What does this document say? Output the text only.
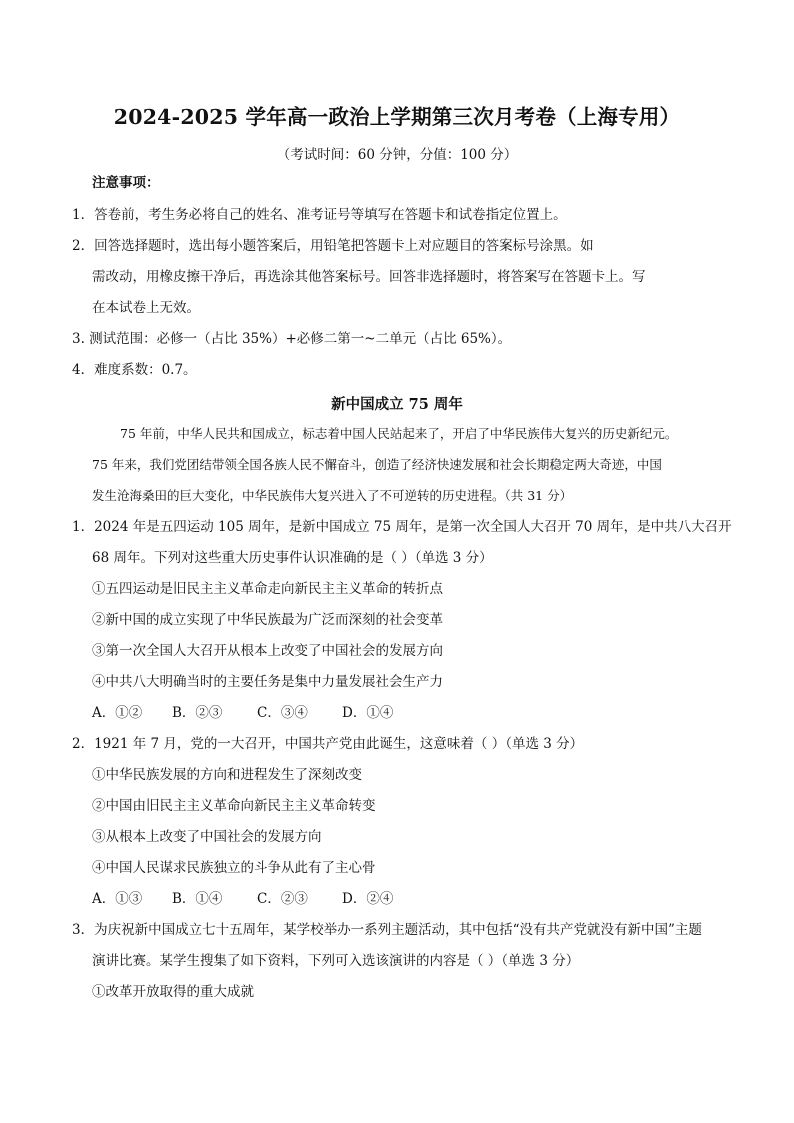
2024-2025 学年高一政治上学期第三次月考卷（上海专用）
（考试时间：60 分钟，分值：100 分）
注意事项：
1．答卷前，考生务必将自己的姓名、准考证号等填写在答题卡和试卷指定位置上。
2．回答选择题时，选出每小题答案后，用铅笔把答题卡上对应题目的答案标号涂黑。如
需改动，用橡皮擦干净后，再选涂其他答案标号。回答非选择题时，将答案写在答题卡上。写
在本试卷上无效。
3. 测试范围：必修一（占比 35%）+必修二第一~二单元（占比 65%）。
4．难度系数：0.7。
新中国成立 75 周年
75 年前，中华人民共和国成立，标志着中国人民站起来了，开启了中华民族伟大复兴的历史新纪元。
75 年来，我们党团结带领全国各族人民不懈奋斗，创造了经济快速发展和社会长期稳定两大奇迹，中国
发生沧海桑田的巨大变化，中华民族伟大复兴进入了不可逆转的历史进程。（共 31 分）
1．2024 年是五四运动 105 周年，是新中国成立 75 周年，是第一次全国人大召开 70 周年，是中共八大召开
68 周年。下列对这些重大历史事件认识准确的是（ ）（单选 3 分）
①五四运动是旧民主主义革命走向新民主主义革命的转折点
②新中国的成立实现了中华民族最为广泛而深刻的社会变革
③第一次全国人大召开从根本上改变了中国社会的发展方向
④中共八大明确当时的主要任务是集中力量发展社会生产力
A．①② B．②③	C．③④	D．①④
2．1921 年 7 月，党的一大召开，中国共产党由此诞生，这意味着（ ）（单选 3 分）
①中华民族发展的方向和进程发生了深刻改变
②中国由旧民主主义革命向新民主主义革命转变
③从根本上改变了中国社会的发展方向
④中国人民谋求民族独立的斗争从此有了主心骨
A．①③ B．①④	C．②③	D．②④
3．为庆祝新中国成立七十五周年，某学校举办一系列主题活动，其中包括“没有共产党就没有新中国”主题
演讲比赛。某学生搜集了如下资料，下列可入选该演讲的内容是（ ）（单选 3 分）
①改革开放取得的重大成就
